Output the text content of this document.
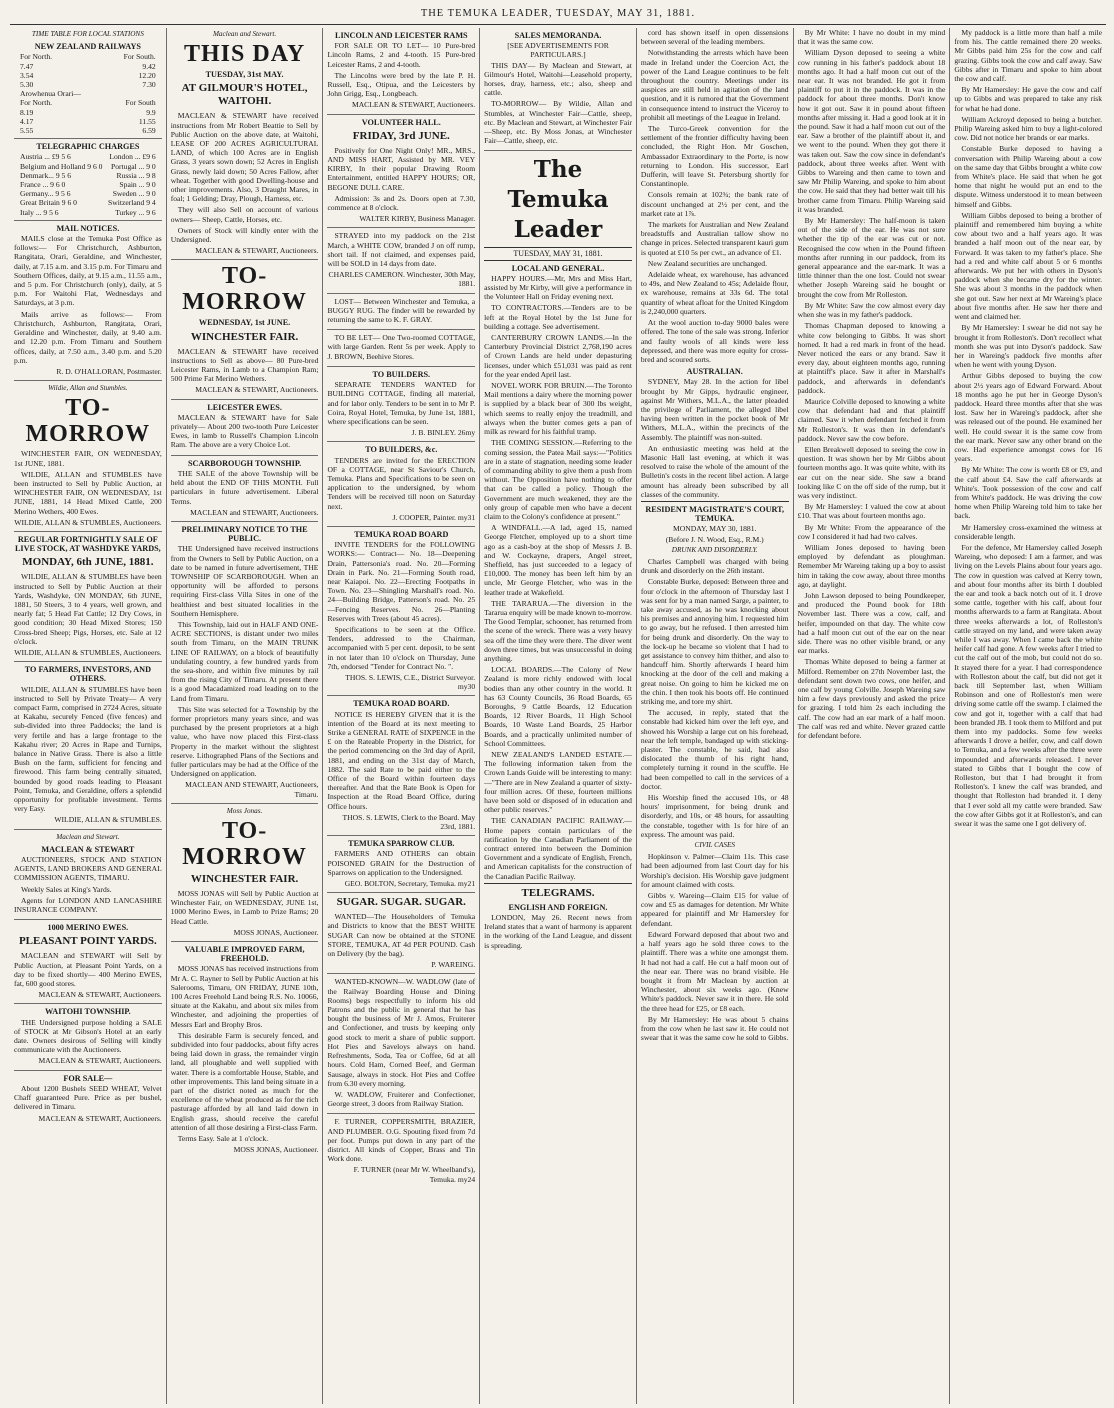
THE TEMUKA LEADER, TUESDAY, MAY 31, 1881.
TIME TABLE FOR LOCAL STATIONS
NEW ZEALAND RAILWAYS
For North.	For South.
7.47	9.42
3.54	12.20
5.30	7.30
Arowhenua Orari—
For North.	For South
8.19	9.9
4.17	11.55
5.55	6.59
TELEGRAPHIC CHARGES
Austria ... £9 5 6	London ... £9 6
Belgium and Holland 9 6 0 Portugal ... 9 0
Denmark... 9 5 6	Russia ... 9 8
France ... 9 6 0	Spain ... 9 0
Germany... 9 5 6	Sweden ... 9 0
Great Britain 9 6 0	Switzerland 9 4
Italy ... 9 5 6	Turkey ... 9 6
MAIL NOTICES.

MAILS close at the Temuka Post Office as follows:— For Christchurch, Ashburton, Rangitata, Orari, Geraldine, and Winchester, daily, at 7.15 a.m. and 3.15 p.m. For Timaru and Southern Offices, daily, at 9.15 a.m., 11.55 a.m., and 5 p.m. For Christchurch (only), daily, at 5 p.m. For Waitohi Flat, Wednesdays and Saturdays, at 3 p.m.

Mails arrive as follows:— From Christchurch, Ashburton, Rangitata, Orari, Geraldine and Winchester, daily, at 9.40 a.m. and 12.20 p.m. From Timaru and Southern offices, daily, at 7.50 a.m., 3.40 p.m. and 5.20 p.m.

R. D. O'HALLORAN, Postmaster.
Wildie, Allan and Stumbles.
TO-MORROW

WINCHESTER FAIR, ON WEDNESDAY, 1st JUNE, 1881.

WILDIE, ALLAN and STUMBLES have been instructed to Sell by Public Auction, at WINCHESTER FAIR, ON WEDNESDAY, 1st JUNE, 1881, 14 Head Mixed Cattle, 200 Merino Wethers, 400 Ewes.

WILDIE, ALLAN & STUMBLES, Auctioneers.
REGULAR FORTNIGHTLY SALE OF LIVE STOCK, AT WASHDYKE YARDS,
MONDAY, 6th JUNE, 1881.

WILDIE, ALLAN & STUMBLES have been instructed to Sell by Public Auction at their Yards, Washdyke, ON MONDAY, 6th JUNE, 1881, 50 Steers, 3 to 4 years, well grown, and nearly fat; 5 Head Fat Cattle; 12 Dry Cows, in good condition; 30 Head Mixed Stores; 150 Cross-bred Sheep; Pigs, Horses, etc. Sale at 12 o'clock.

WILDIE, ALLAN & STUMBLES, Auctioneers.
TO FARMERS, INVESTORS, AND OTHERS.

WILDIE, ALLAN & STUMBLES have been instructed to Sell by Private Treaty— A very compact Farm, comprised in 2724 Acres, situate at Kakahu, securely Fenced (five fences) and sub-divided into three Paddocks; the land is very fertile and has a large frontage to the Kakahu river; 20 Acres in Rape and Turnips, balance in Native Grass. There is also a little Bush on the farm, sufficient for fencing and firewood. This farm being centrally situated, bounded by good roads leading to Pleasant Point, Temuka, and Geraldine, offers a splendid opportunity for profitable investment. Terms very Easy.

WILDIE, ALLAN & STUMBLES.
Maclean and Stewart.
MACLEAN & STEWART

AUCTIONEERS, STOCK AND STATION AGENTS, LAND BROKERS AND GENERAL COMMISSION AGENTS, TIMARU.

Weekly Sales at King's Yards.

Agents for LONDON AND LANCASHIRE INSURANCE COMPANY.

1000 MERINO EWES.
PLEASANT POINT YARDS.

MACLEAN and STEWART will Sell by Public Auction, at Pleasant Point Yards, on a day to be fixed shortly— 400 Merino EWES, fat, 600 good stores.

MACLEAN & STEWART, Auctioneers.
WAITOHI TOWNSHIP.

THE Undersigned purpose holding a SALE of STOCK at Mr Gibson's Hotel at an early date. Owners desirous of Selling will kindly communicate with the Auctioneers.

MACLEAN & STEWART, Auctioneers.
FOR SALE—

About 1200 Bushels SEED WHEAT, Velvet Chaff guaranteed Pure. Price as per bushel, delivered in Timaru.

MACLEAN & STEWART, Auctioneers.
Maclean and Stewart.
THIS DAY
TUESDAY, 31st MAY.
AT GILMOUR'S HOTEL, WAITOHI.

MACLEAN & STEWART have received instructions from Mr Robert Beattie to Sell by Public Auction on the above date, at Waitohi, LEASE OF 200 ACRES AGRICULTURAL LAND, of which 100 Acres are in English Grass, 3 years sown down; 52 Acres in English Grass, newly laid down; 50 Acres Fallow, after wheat. Together with good Dwelling-house and other improvements. Also, 3 Draught Mares, in foal; 1 Gelding; Dray, Plough, Harness, etc.

They will also Sell on account of various owners— Sheep, Cattle, Horses, etc.

Owners of Stock will kindly enter with the Undersigned.

MACLEAN & STEWART, Auctioneers.
TO-MORROW
WEDNESDAY, 1st JUNE.
WINCHESTER FAIR.

MACLEAN & STEWART have received instructions to Sell as above— 80 Pure-bred Leicester Rams, in Lamb to a Champion Ram; 500 Prime Fat Merino Wethers.

MACLEAN & STEWART, Auctioneers.
LEICESTER EWES.

MACLEAN & STEWART have for Sale privately— About 200 two-tooth Pure Leicester Ewes, in lamb to Russell's Champion Lincoln Ram. The above are a very Choice Lot.

SCARBOROUGH TOWNSHIP.

THE SALE of the above Township will be held about the END OF THIS MONTH. Full particulars in future advertisement. Liberal Terms.

MACLEAN and STEWART, Auctioneers.
PRELIMINARY NOTICE TO THE PUBLIC.

THE Undersigned have received instructions from the Owners to Sell by Public Auction, on a date to be named in future advertisement, THE TOWNSHIP OF SCARBOROUGH. When an opportunity will be afforded to persons requiring First-class Villa Sites in one of the healthiest and best situated localities in the Southern Hemisphere.

This Township, laid out in HALF AND ONE-ACRE SECTIONS, is distant under two miles south from Timaru, on the MAIN TRUNK LINE OF RAILWAY, on a block of beautifully undulating country, a few hundred yards from the sea-shore, and within five minutes by rail from the rising City of Timaru. At present there is a good Macadamized road leading on to the Land from Timaru.

This Site was selected for a Township by the former proprietors many years since, and was purchased by the present proprietors at a high value, who have now placed this First-class Property in the market without the slightest reserve. Lithographed Plans of the Sections and fuller particulars may be had at the Office of the Undersigned on application.

MACLEAN AND STEWART, Auctioneers, Timaru.
Moss Jonas.
TO-MORROW
WINCHESTER FAIR.

MOSS JONAS will Sell by Public Auction at Winchester Fair, on WEDNESDAY, JUNE 1st, 1000 Merino Ewes, in Lamb to Prize Rams; 20 Head Cattle.

MOSS JONAS, Auctioneer.
VALUABLE IMPROVED FARM, FREEHOLD.

MOSS JONAS has received instructions from Mr A. C. Rayner to Sell by Public Auction at his Salerooms, Timaru, ON FRIDAY, JUNE 10th, 100 Acres Freehold Land being R.S. No. 10066, situate at the Kakahu, and about six miles from Winchester, and adjoining the properties of Messrs Earl and Brophy Bros.

This desirable Farm is securely fenced, and subdivided into four paddocks, about fifty acres being laid down in grass, the remainder virgin land, all ploughable and well supplied with water. There is a comfortable House, Stable, and other improvements. This land being situate in a part of the district noted as much for the excellence of the wheat produced as for the rich pasturage afforded by all land laid down in English grass, should receive the careful attention of all those desiring a First-class Farm.

Terms Easy. Sale at 1 o'clock.

MOSS JONAS, Auctioneer.
LINCOLN AND LEICESTER RAMS

FOR SALE OR TO LET— 10 Pure-bred Lincoln Rams, 2 and 4-tooth. 15 Pure-bred Leicester Rams, 2 and 4-tooth.

The Lincolns were bred by the late P. H. Russell, Esq., Otipua, and the Leicesters by John Grigg, Esq., Longbeach.

MACLEAN & STEWART, Auctioneers.
VOLUNTEER HALL.
FRIDAY, 3rd JUNE.

Positively for One Night Only! MR., MRS., AND MISS HART, Assisted by MR. VEY KIRBY, In their popular Drawing Room Entertainment, entitled HAPPY HOURS; OR, BEGONE DULL CARE.

Admission: 3s and 2s. Doors open at 7.30, commence at 8 o'clock.

WALTER KIRBY, Business Manager.

STRAYED into my paddock on the 21st March, a WHITE COW, branded J on off rump, short tail. If not claimed, and expenses paid, will be SOLD in 14 days from date.

CHARLES CAMERON. Winchester, 30th May, 1881.

LOST— Between Winchester and Temuka, a BUGGY RUG. The finder will be rewarded by returning the same to K. F. GRAY.

TO BE LET— One Two-roomed COTTAGE, with large Garden. Rent 5s per week. Apply to J. BROWN, Beehive Stores.

TO BUILDERS.

SEPARATE TENDERS WANTED for BUILDING COTTAGE, finding all material, and for labor only. Tenders to be sent in to Mr P. Coira, Royal Hotel, Temuka, by June 1st, 1881, where specifications can be seen.

J. B. BINLEY. 26my
TO BUILDERS, &c.

TENDERS are invited for the ERECTION OF a COTTAGE, near St Saviour's Church, Temuka. Plans and Specifications to be seen on application to the undersigned, by whom Tenders will be received till noon on Saturday next.

J. COOPER, Painter. my31
TEMUKA ROAD BOARD

INVITE TENDERS for the FOLLOWING WORKS:— Contract— No. 18—Deepening Drain, Pattersonia's road. No. 20—Forming Drain in Park. No. 21—Forming South road, near Kaiapoi. No. 22—Erecting Footpaths in Town. No. 23—Shingling Marshall's road. No. 24—Building Bridge, Patterson's road. No. 25—Fencing Reserves. No. 26—Planting Reserves with Trees (about 45 acres).

Specifications to be seen at the Office. Tenders, addressed to the Chairman, accompanied with 5 per cent. deposit, to be sent in not later than 10 o'clock on Thursday, June 7th, endorsed "Tender for Contract No. ".

THOS. S. LEWIS, C.E., District Surveyor. my30
TEMUKA ROAD BOARD.

NOTICE IS HEREBY GIVEN that it is the intention of the Board at its next meeting to Strike a GENERAL RATE of SIXPENCE in the £ on the Rateable Property in the District, for the period commencing on the 3rd day of April, 1881, and ending on the 31st day of March, 1882. The said Rate to be paid either to the Office of the Board within fourteen days thereafter. And that the Rate Book is Open for Inspection at the Road Board Office, during Office hours.

THOS. S. LEWIS, Clerk to the Board. May 23rd, 1881.
TEMUKA SPARROW CLUB.

FARMERS AND OTHERS can obtain POISONED GRAIN for the Destruction of Sparrows on application to the Undersigned.

GEO. BOLTON, Secretary, Temuka. my21
SUGAR. SUGAR. SUGAR.

WANTED—The Householders of Temuka and Districts to know that the BEST WHITE SUGAR Can now be obtained at the STONE STORE, TEMUKA, AT 4d PER POUND. Cash on Delivery (by the bag).

P. WAREING.

WANTED-KNOWN—W. WADLOW (late of the Railway Boarding House and Dining Rooms) begs respectfully to inform his old Patrons and the public in general that he has bought the business of Mr J. Amos, Fruiterer and Confectioner, and trusts by keeping only good stock to merit a share of public support. Hot Pies and Saveloys always on hand. Refreshments, Soda, Tea or Coffee, 6d at all hours. Cold Ham, Corned Beef, and German Sausage, always in stock. Hot Pies and Coffee from 6.30 every morning.

W. WADLOW, Fruiterer and Confectioner, George street, 3 doors from Railway Station.

F. TURNER, COPPERSMITH, BRAZIER, AND PLUMBER. O.G. Spouting fixed from 7d per foot. Pumps put down in any part of the district. All kinds of Copper, Brass and Tin Work done.

F. TURNER (near Mr W. Wheelband's), Temuka. my24
SALES MEMORANDA.
[SEE ADVERTISEMENTS FOR PARTICULARS.]

THIS DAY— By Maclean and Stewart, at Gilmour's Hotel, Waitohi—Leasehold property, horses, dray, harness, etc.; also, sheep and cattle.

TO-MORROW— By Wildie, Allan and Stumbles, at Winchester Fair—Cattle, sheep, etc. By Maclean and Stewart, at Winchester Fair—Sheep, etc. By Moss Jonas, at Winchester Fair—Cattle, sheep, etc.

The Temuka Leader
TUESDAY, MAY 31, 1881.
LOCAL AND GENERAL.

HAPPY HOURS.—Mr, Mrs and Miss Hart, assisted by Mr Kirby, will give a performance in the Volunteer Hall on Friday evening next.

TO CONTRACTORS.—Tenders are to be left at the Royal Hotel by the 1st June for building a cottage. See advertisement.

CANTERBURY CROWN LANDS.—In the Canterbury Provincial District 2,768,190 acres of Crown Lands are held under depasturing licenses, under which £51,031 was paid as rent for the year ended April last.

NOVEL WORK FOR BRUIN.—The Toronto Mail mentions a dairy where the morning power is supplied by a black bear of 300 lbs weight, which seems to really enjoy the treadmill, and always when the butter comes gets a pan of milk as reward for his faithful tramp.

THE COMING SESSION.—Referring to the coming session, the Patea Mail says:—"Politics are in a state of stagnation, needing some leader of commanding ability to give them a push from without. The Opposition have nothing to offer that can be called a policy. Though the Government are much weakened, they are the only group of capable men who have a decent claim to the Colony's confidence at present."

A WINDFALL.—A lad, aged 15, named George Fletcher, employed up to a short time ago as a cash-boy at the shop of Messrs J. B. and W. Cockayne, drapers, Angel street, Sheffield, has just succeeded to a legacy of £10,000. The money has been left him by an uncle, Mr George Fletcher, who was in the leather trade at Wakefield.

THE TARARUA.—The diversion in the Tararua enquiry will be made known to-morrow. The Good Templar, schooner, has returned from the scene of the wreck. There was a very heavy sea off the time they were there. The diver went down three times, but was unsuccessful in doing anything.

LOCAL BOARDS.—The Colony of New Zealand is more richly endowed with local bodies than any other country in the world. It has 63 County Councils, 36 Road Boards, 65 Boroughs, 9 Cattle Boards, 12 Education Boards, 12 River Boards, 11 High School Boards, 10 Waste Land Boards, 25 Harbor Boards, and a practically unlimited number of School Committees.

NEW ZEALAND'S LANDED ESTATE.—The following information taken from the Crown Lands Guide will be interesting to many:—"There are in New Zealand a quarter of sixty-four million acres. Of these, fourteen millions have been sold or disposed of in education and other public reserves."

THE CANADIAN PACIFIC RAILWAY.—Home papers contain particulars of the ratification by the Canadian Parliament of the contract entered into between the Dominion Government and a syndicate of English, French, and American capitalists for the construction of the Canadian Pacific Railway.

TELEGRAMS.
ENGLISH AND FOREIGN.

LONDON, May 26. Recent news from Ireland states that a want of harmony is apparent in the working of the Land League, and dissent is spreading.

cord has shown itself in open dissensions between several of the leading members.

Notwithstanding the arrests which have been made in Ireland under the Coercion Act, the power of the Land League continues to be felt throughout the country. Meetings under its auspices are still held in agitation of the land question, and it is rumored that the Government in consequence intend to instruct the Viceroy to prohibit all meetings of the League in Ireland.

The Turco-Greek convention for the settlement of the frontier difficulty having been concluded, the Right Hon. Mr Goschen, Ambassador Extraordinary to the Porte, is now returning to London. His successor, Earl Dufferin, will leave St. Petersburg shortly for Constantinople.

Consols remain at 102¾; the bank rate of discount unchanged at 2½ per cent, and the market rate at 1⅞.

The markets for Australian and New Zealand breadstuffs and Australian tallow show no change in prices. Selected transparent kauri gum is quoted at £10 5s per cwt., an advance of £1.

New Zealand securities are unchanged.

Adelaide wheat, ex warehouse, has advanced to 49s, and New Zealand to 45s; Adelaide flour, ex warehouse, remains at 33s 6d. The total quantity of wheat afloat for the United Kingdom is 2,240,000 quarters.

At the wool auction to-day 9000 bales were offered. The tone of the sale was strong. Inferior and faulty wools of all kinds were less depressed, and there was more equity for cross-bred and scoured sorts.

AUSTRALIAN.

SYDNEY, May 28. In the action for libel brought by Mr Gipps, hydraulic engineer, against Mr Withers, M.L.A., the latter pleaded the privilege of Parliament, the alleged libel having been written in the pocket book of Mr Withers, M.L.A., within the precincts of the Assembly. The plaintiff was non-suited.

An enthusiastic meeting was held at the Masonic Hall last evening, at which it was resolved to raise the whole of the amount of the Bulletin's costs in the recent libel action. A large amount has already been subscribed by all classes of the community.

RESIDENT MAGISTRATE'S COURT, TEMUKA.
MONDAY, MAY 30, 1881.
(Before J. N. Wood, Esq., R.M.)
DRUNK AND DISORDERLY.

Charles Campbell was charged with being drunk and disorderly on the 26th instant.

Constable Burke, deposed: Between three and four o'clock in the afternoon of Thursday last I was sent for by a man named Sarge, a painter, to take away accused, as he was knocking about his premises and annoying him. I requested him to go away, but he refused. I then arrested him for being drunk and disorderly. On the way to the lock-up he became so violent that I had to get assistance to convey him thither, and also to handcuff him. Shortly afterwards I heard him knocking at the door of the cell and making a great noise. On going to him he kicked me on the chin. I then took his boots off. He continued striking me, and tore my shirt.

The accused, in reply, stated that the constable had kicked him over the left eye, and showed his Worship a large cut on his forehead, near the left temple, bandaged up with sticking-plaster. The constable, he said, had also dislocated the thumb of his right hand, completely turning it round in the scuffle. He had been compelled to call in the services of a doctor.

His Worship fined the accused 10s, or 48 hours' imprisonment, for being drunk and disorderly, and 10s, or 48 hours, for assaulting the constable, together with 1s for hire of an express. The amount was paid.

CIVIL CASES

Hopkinson v. Palmer—Claim 11s. This case had been adjourned from last Court day for his Worship's decision. His Worship gave judgment for amount claimed with costs.

Gibbs v. Wareing—Claim £15 for value of cow and £5 as damages for detention. Mr White appeared for plaintiff and Mr Hamersley for defendant.

Edward Forward deposed that about two and a half years ago he sold three cows to the plaintiff. There was a white one amongst them. It had not had a calf. He cut a half moon out of the near ear. There was no brand visible. He bought it from Mr Maclean by auction at Winchester, about six weeks ago. (Knew White's paddock. Never saw it in there. He sold the three head for £25, or £8 each.

By Mr Hamersley: He was about 5 chains from the cow when he last saw it. He could not swear that it was the same cow he sold to Gibbs.

By Mr White: I have no doubt in my mind that it was the same cow.

William Dyson deposed to seeing a white cow running in his father's paddock about 18 months ago. It had a half moon cut out of the near ear. It was not branded. He got it from plaintiff to put it in the paddock. It was in the paddock for about three months. Don't know how it got out. Saw it in pound about fifteen months after missing it. Had a good look at it in the pound. Saw it had a half moon cut out of the ear. Saw a brother of the plaintiff about it, and we went to the pound. When they got there it was taken out. Saw the cow since in defendant's paddock, about three weeks after. Went with Gibbs to Wareing and then came to town and saw Mr Philip Wareing, and spoke to him about the cow. He said that they had better wait till his brother came from Timaru. Philip Wareing said it was branded.

By Mr Hamersley: The half-moon is taken out of the side of the ear. He was not sure whether the tip of the ear was cut or not. Recognised the cow when in the Pound fifteen months after running in our paddock, from its general appearance and the ear-mark. It was a little thinner than the one lost. Could not swear whether Joseph Wareing said he bought or brought the cow from Mr Rolleston.

By Mr White: Saw the cow almost every day when she was in my father's paddock.

Thomas Chapman deposed to knowing a white cow belonging to Gibbs. It was short horned. It had a red mark in front of the head. Never noticed the ears or any brand. Saw it every day, about eighteen months ago, running at plaintiff's place. Saw it after in Marshall's paddock, and afterwards in defendant's paddock.

Maurice Colville deposed to knowing a white cow that defendant had and that plaintiff claimed. Saw it when defendant fetched it from Mr Rolleston's. It was then in defendant's paddock. Never saw the cow before.

Ellen Breakwell deposed to seeing the cow in question. It was shown her by Mr Gibbs about fourteen months ago. It was quite white, with its ear cut on the near side. She saw a brand looking like C on the off side of the rump, but it was very indistinct.

By Mr Hamersley: I valued the cow at about £10. That was about fourteen months ago.

By Mr White: From the appearance of the cow I considered it had had two calves.

William Jones deposed to having been employed by defendant as ploughman. Remember Mr Wareing taking up a boy to assist him in taking the cow away, about three months ago, at daylight.

John Lawson deposed to being Poundkeeper, and produced the Pound book for 18th November last. There was a cow, calf, and heifer, impounded on that day. The white cow had a half moon cut out of the ear on the near side. There was no other visible brand, or any ear marks.

Thomas White deposed to being a farmer at Milford. Remember on 27th November last, the defendant sent down two cows, one heifer, and one calf by young Colville. Joseph Wareing saw him a few days previously and asked the price for grazing. I told him 2s each including the calf. The cow had an ear mark of a half moon. The calf was red and white. Never grazed cattle for defendant before.

My paddock is a little more than half a mile from his. The cattle remained there 20 weeks. Mr Gibbs paid him 25s for the cow and calf grazing. Gibbs took the cow and calf away. Saw Gibbs after in Timaru and spoke to him about the cow and calf.

By Mr Hamersley: He gave the cow and calf up to Gibbs and was prepared to take any risk for what he had done.

William Ackroyd deposed to being a butcher. Philip Wareing asked him to buy a light-colored cow. Did not notice her brands or ear marks.

Constable Burke deposed to having a conversation with Philip Wareing about a cow on the same day that Gibbs brought a white cow from White's place. He said that when he got home that night he would put an end to the dispute. Witness understood it to mean between himself and Gibbs.

William Gibbs deposed to being a brother of plaintiff and remembered him buying a white cow about two and a half years ago. It was branded a half moon out of the near ear, by Forward. It was taken to my father's place. She had a red and white calf about 5 or 6 months afterwards. We put her with others in Dyson's paddock when she became dry for the winter. She was about 3 months in the paddock when she got out. Saw her next at Mr Wareing's place about five months after. He saw her there and went and claimed her.

By Mr Hamersley: I swear he did not say he brought it from Rolleston's. Don't recollect what month she was put into Dyson's paddock. Saw her in Wareing's paddock five months after when he went with young Dyson.

Arthur Gibbs deposed to buying the cow about 2½ years ago of Edward Forward. About 18 months ago he put her in George Dyson's paddock. Heard three months after that she was lost. Saw her in Wareing's paddock, after she was released out of the pound. He examined her well. He could swear it is the same cow from the ear mark. Never saw any other brand on the cow. Had experience amongst cows for 16 years.

By Mr White: The cow is worth £8 or £9, and the calf about £4. Saw the calf afterwards at White's. Took possession of the cow and calf from White's paddock. He was driving the cow home when Philip Wareing told him to take her back.

Mr Hamersley cross-examined the witness at considerable length.

For the defence, Mr Hamersley called Joseph Wareing, who deposed: I am a farmer, and was living on the Levels Plains about four years ago. The cow in question was calved at Kerry town, and about four months after its birth I doubled the ear and took a back notch out of it. I drove some cattle, together with his calf, about four months afterwards to a farm at Rangitata. About three weeks afterwards a lot, of Rolleston's cattle strayed on my land, and were taken away while I was away. When I came back the white heifer calf had gone. A few weeks after I tried to cut the calf out of the mob, but could not do so. It stayed there for a year. I had correspondence with Rolleston about the calf, but did not get it back till September last, when William Robinson and one of Rolleston's men were driving some cattle off the swamp. I claimed the cow and got it, together with a calf that had been branded JB. I took them to Milford and put them into my paddocks. Some few weeks afterwards I drove a heifer, cow, and calf down to Temuka, and a few weeks after the three were impounded and afterwards released. I never stated to Gibbs that I bought the cow of Rolleston, but that I had brought it from Rolleston's. I knew the calf was branded, and thought that Rolleston had branded it. I deny that I ever sold all my cattle were branded. Saw the cow after Gibbs got it at Rolleston's, and can swear it was the same one I got delivery of.
